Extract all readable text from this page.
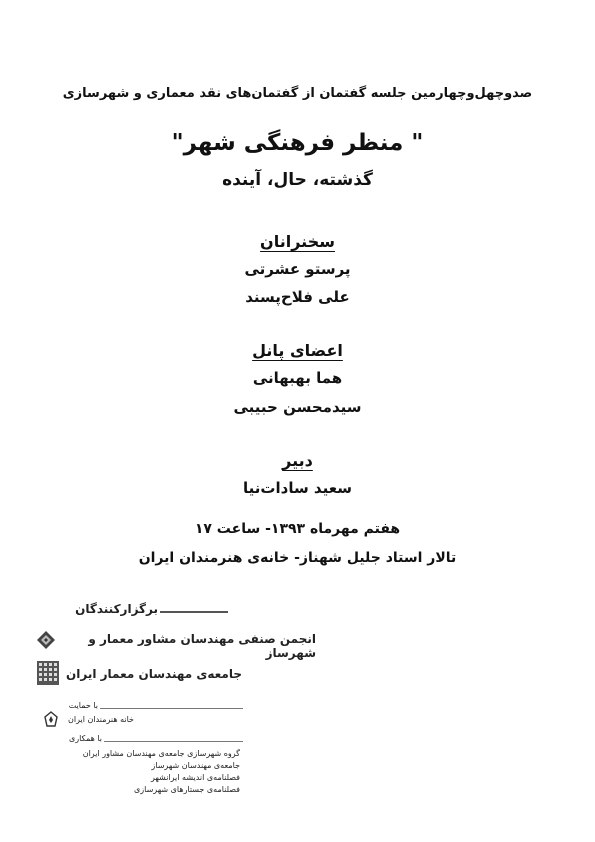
صدوچهل‌وچهارمین جلسه گفتمان از گفتمان‌های نقد معماری و شهرسازی
" منظر فرهنگی شهر"
گذشته، حال، آینده
سخنرانان
پرستو عشرتی
علی فلاح‌پسند
اعضای پانل
هما بهبهانی
سیدمحسن حبیبی
دبیر
سعید سادات‌نیا
هفتم مهرماه ۱۳۹۳- ساعت ۱۷
تالار استاد جلیل شهناز- خانه‌ی هنرمندان ایران
برگزارکنندگان
انجمن صنفی مهندسان مشاور معمار و شهرساز
جامعه‌ی مهندسان معمار ایران
با حمایت
خانه هنرمندان ایران
با همکاری
گروه شهرسازی جامعه‌ی مهندسان مشاور ایران
جامعه‌ی مهندسان شهرساز
فصلنامه‌ی اندیشه ایرانشهر
فصلنامه‌ی جستارهای شهرسازی
